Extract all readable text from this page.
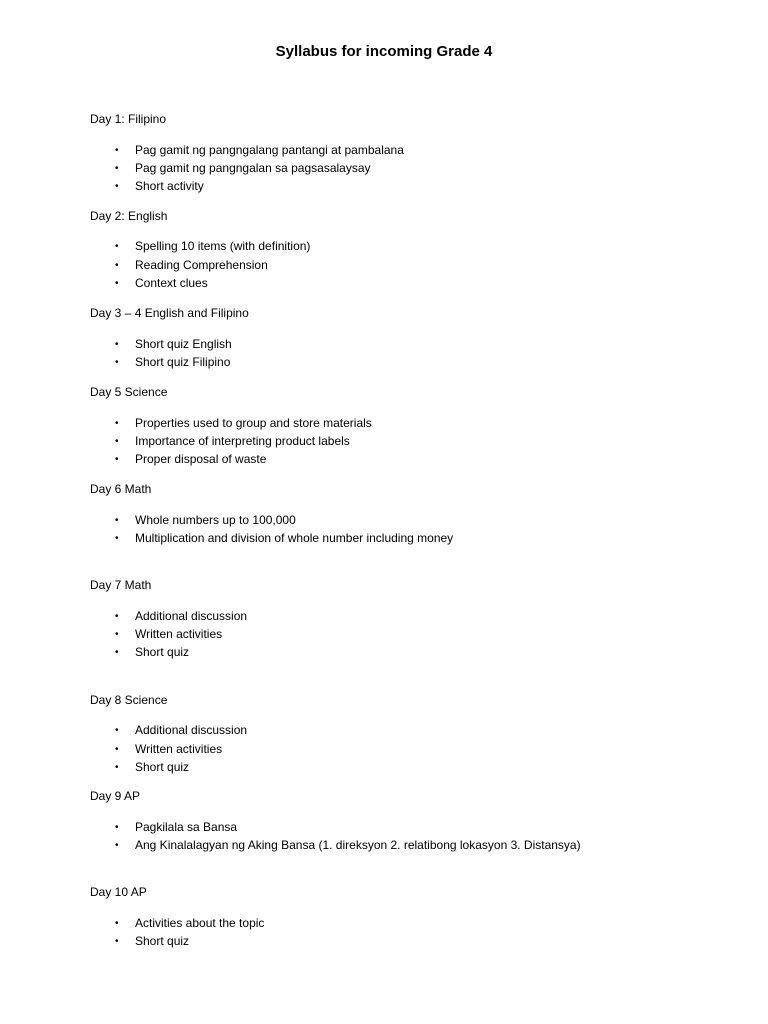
Syllabus for incoming Grade 4

Day 1: Filipino

• Pag gamit ng pangngalang pantangi at pambalana

• Pag gamit ng pangngalan sa pagsasalaysay

• Short activity

Day 2: English

• Spelling 10 items (with definition)

• Reading Comprehension

• Context clues

Day 3 – 4 English and Filipino

• Short quiz English

• Short quiz Filipino

Day 5 Science

• Properties used to group and store materials

• Importance of interpreting product labels

• Proper disposal of waste

Day 6 Math

• Whole numbers up to 100,000

• Multiplication and division of whole number including money

Day 7 Math

• Additional discussion

• Written activities

• Short quiz

Day 8 Science

• Additional discussion

• Written activities

• Short quiz

Day 9 AP

• Pagkilala sa Bansa

• Ang Kinalalagyan ng Aking Bansa (1. direksyon 2. relatibong lokasyon 3. Distansya)

Day 10 AP

• Activities about the topic

• Short quiz
